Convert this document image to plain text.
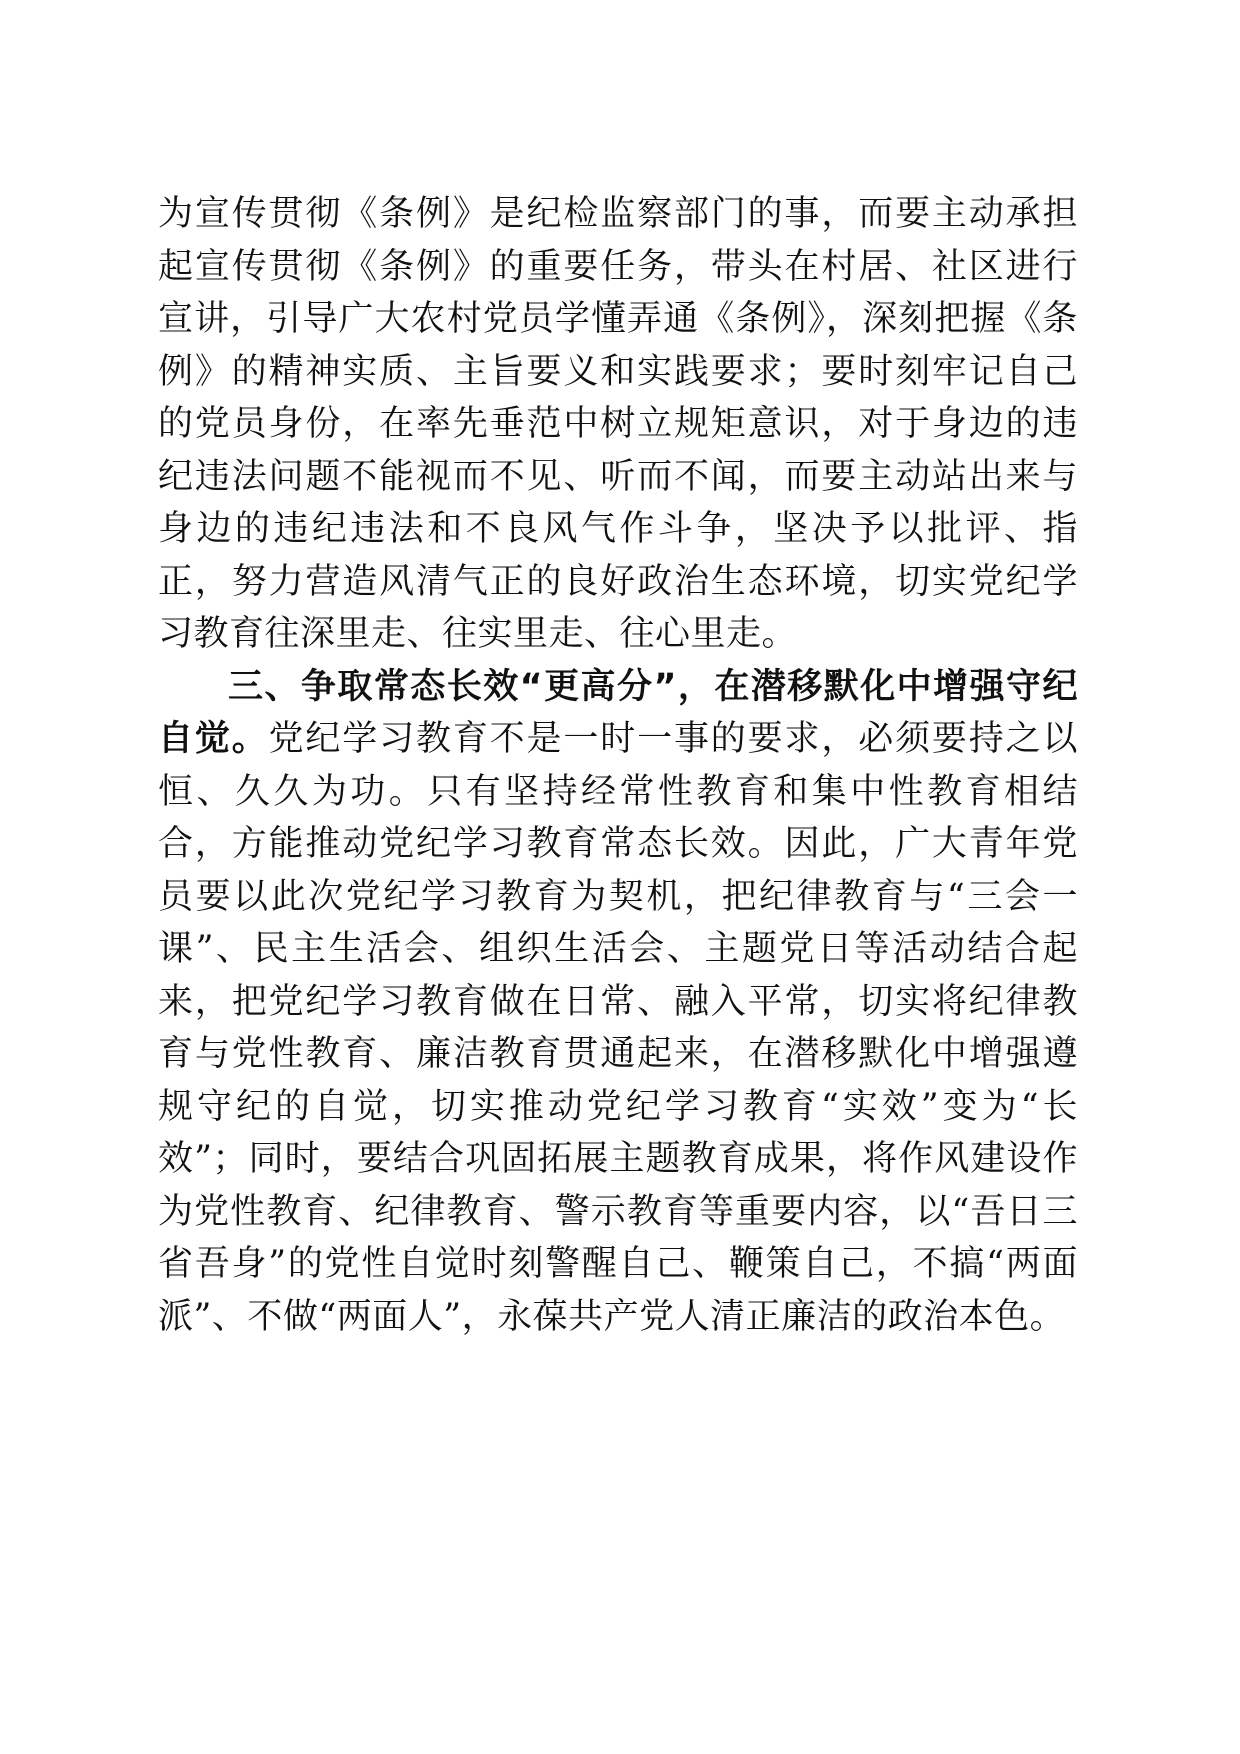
为宣传贯彻《条例》是纪检监察部门的事，而要主动承担起宣传贯彻《条例》的重要任务，带头在村居、社区进行宣讲，引导广大农村党员学懂弄通《条例》，深刻把握《条例》的精神实质、主旨要义和实践要求；要时刻牢记自己的党员身份，在率先垂范中树立规矩意识，对于身边的违纪违法问题不能视而不见、听而不闻，而要主动站出来与身边的违纪违法和不良风气作斗争，坚决予以批评、指正，努力营造风清气正的良好政治生态环境，切实党纪学习教育往深里走、往实里走、往心里走。

三、争取常态长效“更高分”，在潜移默化中增强守纪自觉。党纪学习教育不是一时一事的要求，必须要持之以恒、久久为功。只有坚持经常性教育和集中性教育相结合，方能推动党纪学习教育常态长效。因此，广大青年党员要以此次党纪学习教育为契机，把纪律教育与“三会一课”、民主生活会、组织生活会、主题党日等活动结合起来，把党纪学习教育做在日常、融入平常，切实将纪律教育与党性教育、廉洁教育贯通起来，在潜移默化中增强遵规守纪的自觉，切实推动党纪学习教育“实效”变为“长效”；同时，要结合巩固拓展主题教育成果，将作风建设作为党性教育、纪律教育、警示教育等重要内容，以“吾日三省吾身”的党性自觉时刻警醒自己、鞭策自己，不搞“两面派”、不做“两面人”，永葆共产党人清正廉洁的政治本色。
